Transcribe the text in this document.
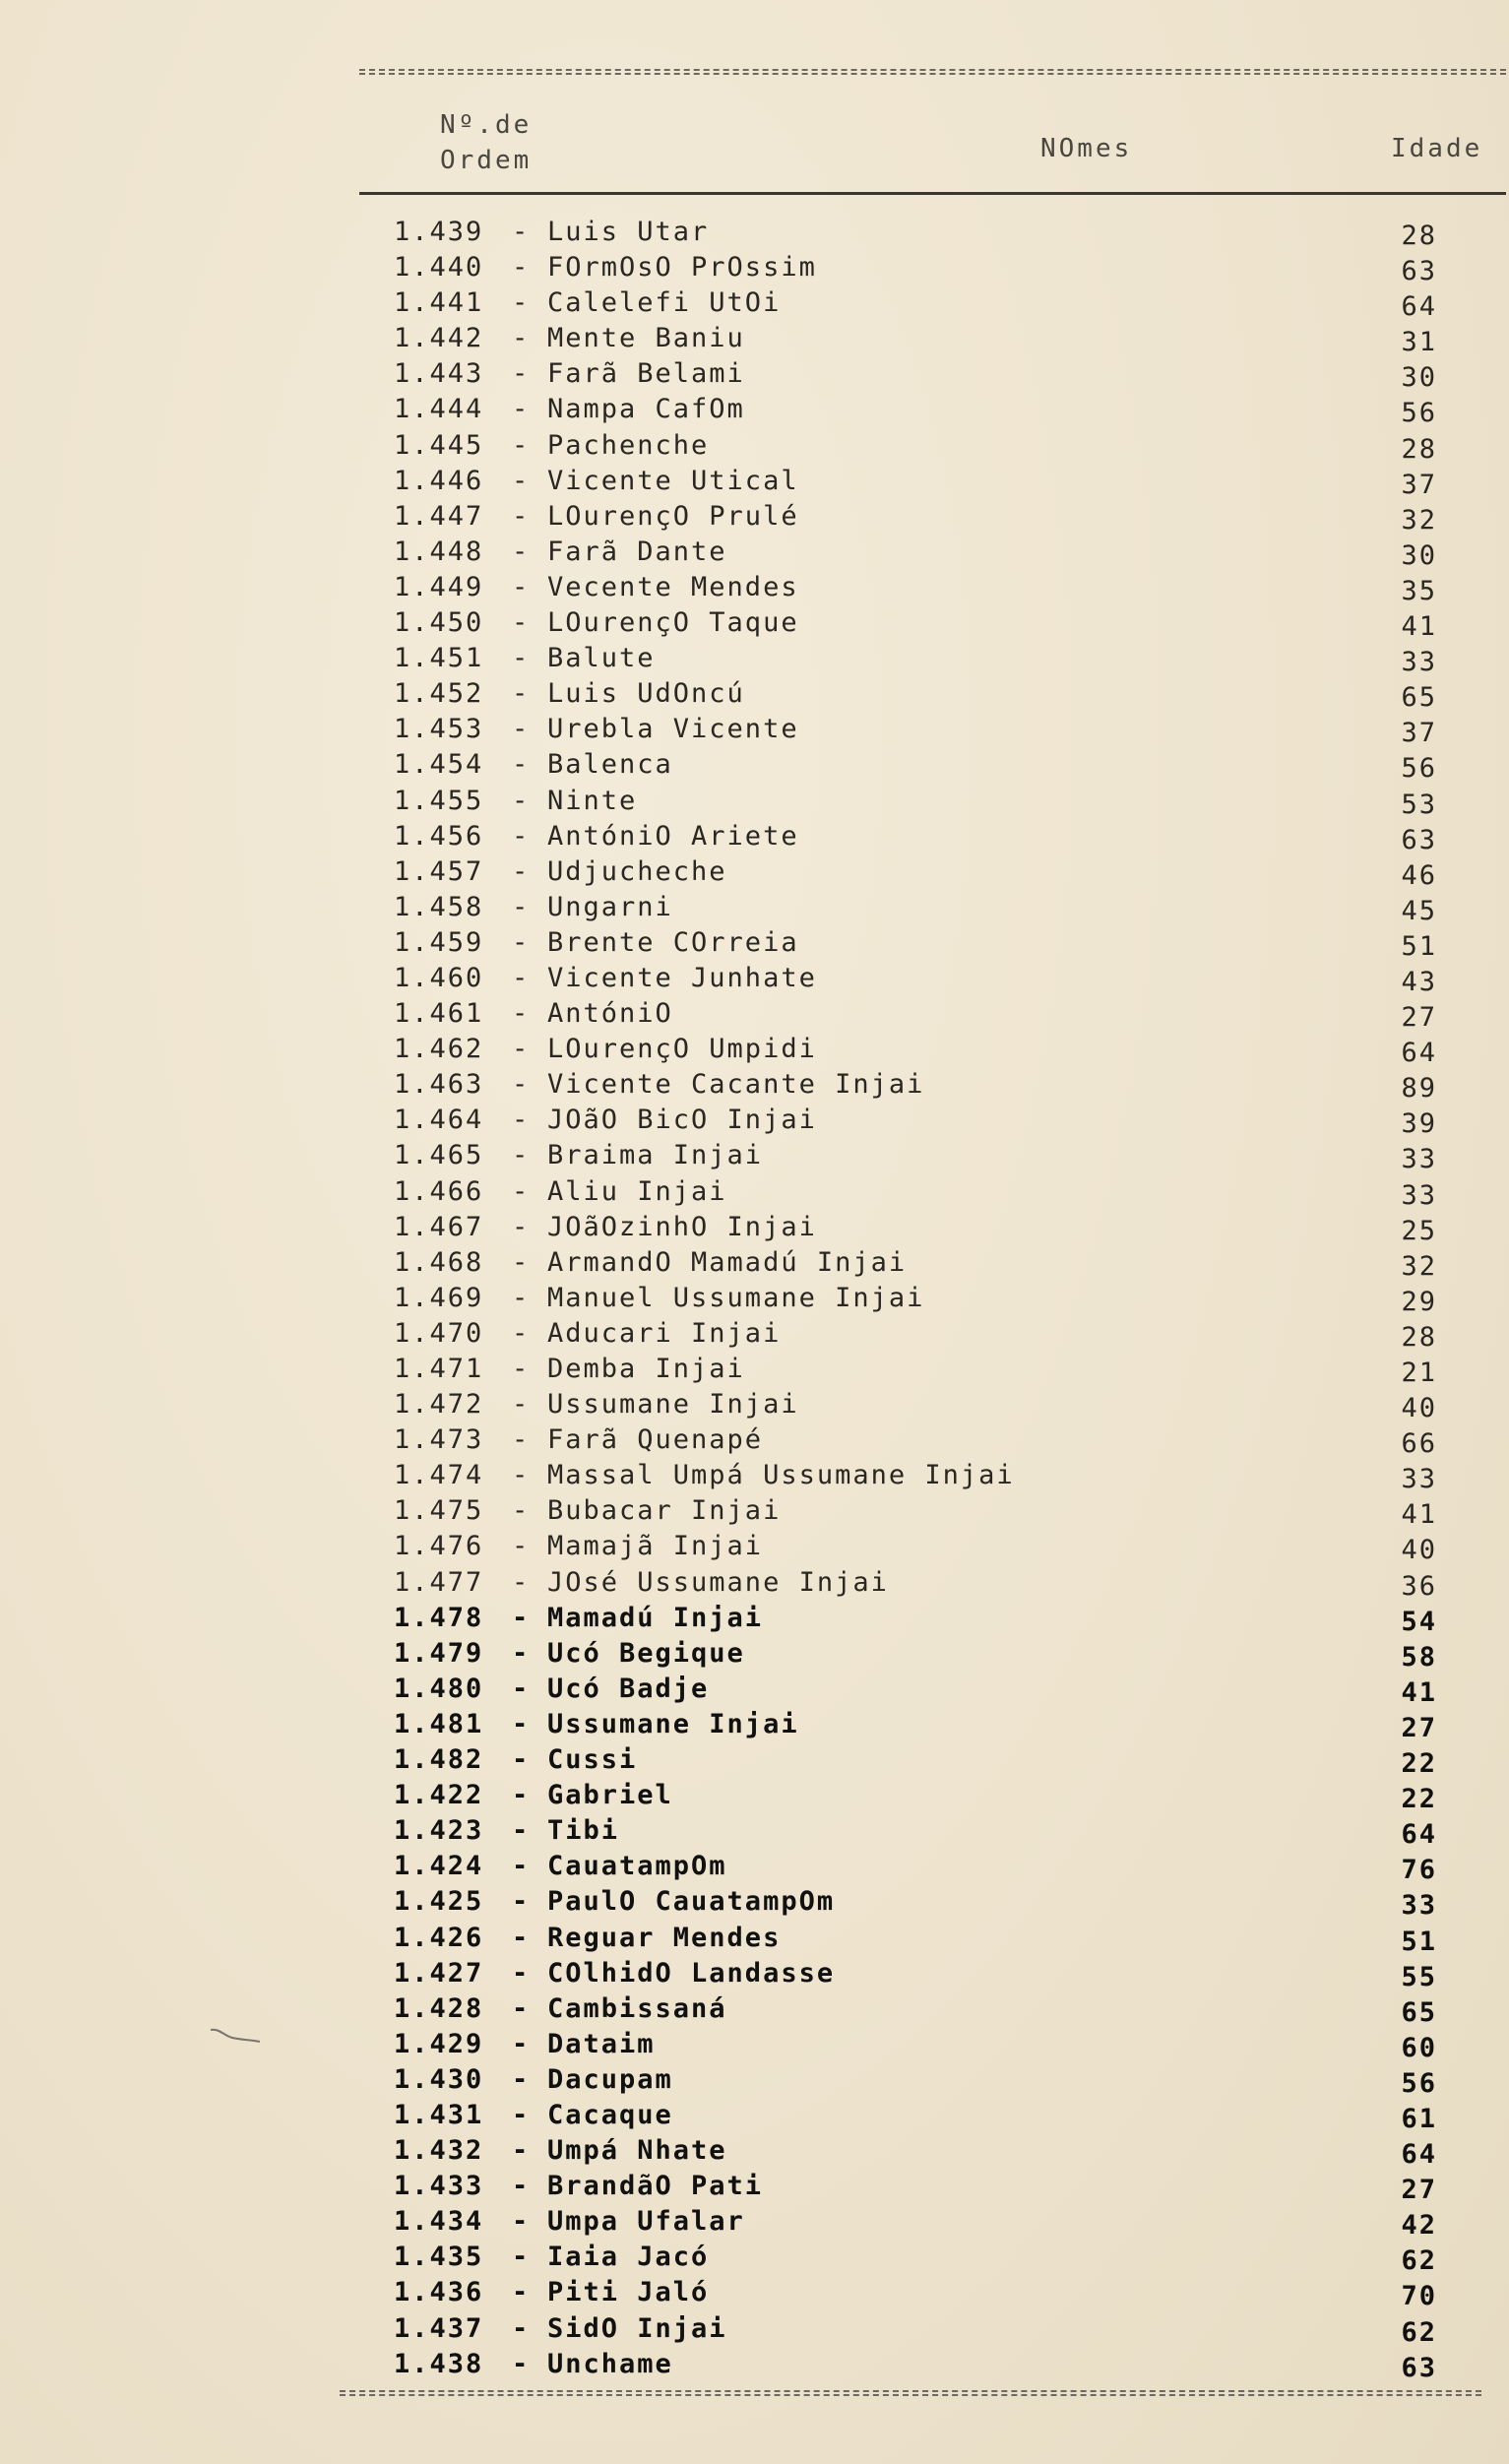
Nº.de
Ordem	NOmes	Idade
1.439 - Luis Utar	28
1.440 - FOrmOsO PrOssim	63
1.441 - Calelefi UtOi	64
1.442 - Mente Baniu	31
1.443 - Farã Belami	30
1.444 - Nampa CafOm	56
1.445 - Pachenche	28
1.446 - Vicente Utical	37
1.447 - LOurençO Prulé	32
1.448 - Farã Dante	30
1.449 - Vecente Mendes	35
1.450 - LOurençO Taque	41
1.451 - Balute	33
1.452 - Luis UdOncú	65
1.453 - Urebla Vicente	37
1.454 - Balenca	56
1.455 - Ninte	53
1.456 - AntóniO Ariete	63
1.457 - Udjucheche	46
1.458 - Ungarni	45
1.459 - Brente COrreia	51
1.460 - Vicente Junhate	43
1.461 - AntóniO	27
1.462 - LOurençO Umpidi	64
1.463 - Vicente Cacante Injai	89
1.464 - JOãO BicO Injai	39
1.465 - Braima Injai	33
1.466 - Aliu Injai	33
1.467 - JOãOzinhO Injai	25
1.468 - ArmandO Mamadú Injai	32
1.469 - Manuel Ussumane Injai	29
1.470 - Aducari Injai	28
1.471 - Demba Injai	21
1.472 - Ussumane Injai	40
1.473 - Farã Quenapé	66
1.474 - Massal Umpá Ussumane Injai	33
1.475 - Bubacar Injai	41
1.476 - Mamajã Injai	40
1.477 - JOsé Ussumane Injai	36
1.478 - Mamadú Injai	54
1.479 - Ucó Begique	58
1.480 - Ucó Badje	41
1.481 - Ussumane Injai	27
1.482 - Cussi	22
1.422 - Gabriel	22
1.423 - Tibi	64
1.424 - CauatampOm	76
1.425 - PaulO CauatampOm	33
1.426 - Reguar Mendes	51
1.427 - COlhidO Landasse	55
1.428 - Cambissaná	65
1.429 - Dataim	60
1.430 - Dacupam	56
1.431 - Cacaque	61
1.432 - Umpá Nhate	64
1.433 - BrandãO Pati	27
1.434 - Umpa Ufalar	42
1.435 - Iaia Jacó	62
1.436 - Piti Jaló	70
1.437 - SidO Injai	62
1.438 - Unchame	63
